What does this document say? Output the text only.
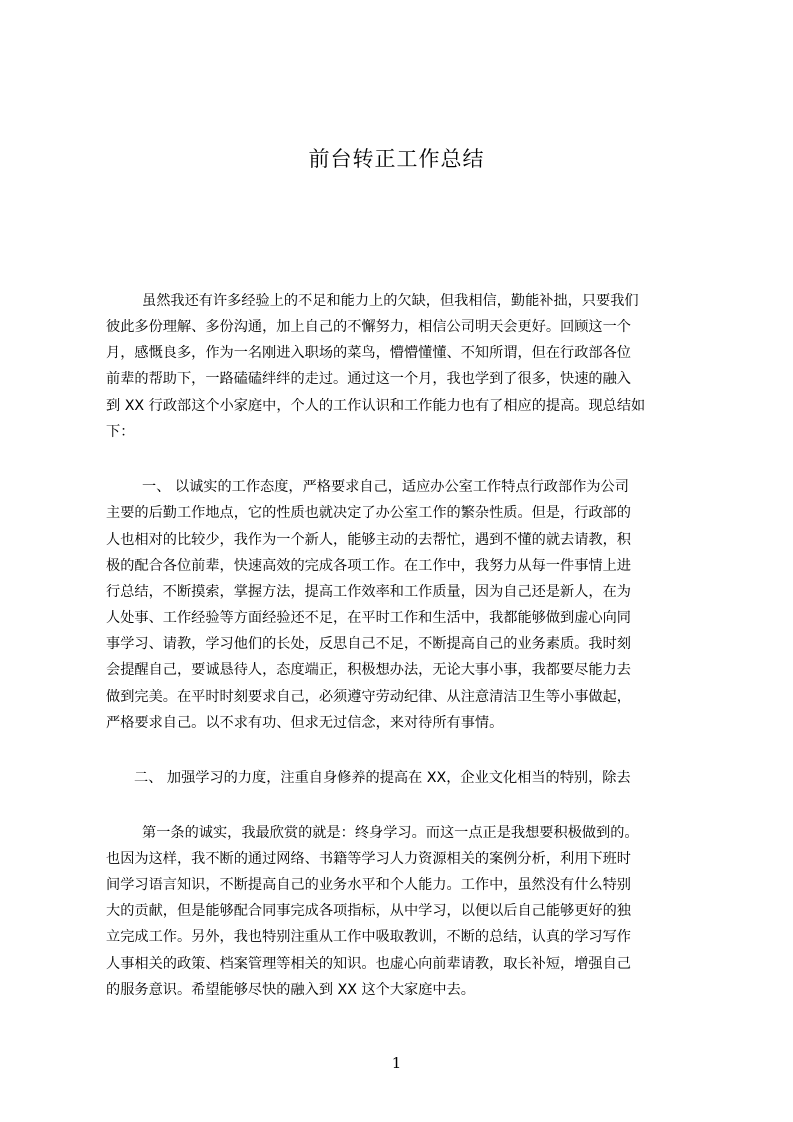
前台转正工作总结

虽然我还有许多经验上的不足和能力上的欠缺，但我相信，勤能补拙，只要我们

彼此多份理解、多份沟通，加上自己的不懈努力，相信公司明天会更好。回顾这一个

月，感慨良多，作为一名刚进入职场的菜鸟，懵懵懂懂、不知所谓，但在行政部各位

前辈的帮助下，一路磕磕绊绊的走过。通过这一个月，我也学到了很多，快速的融入

到 XX 行政部这个小家庭中，个人的工作认识和工作能力也有了相应的提高。现总结如

下：

一、 以诚实的工作态度，严格要求自己，适应办公室工作特点行政部作为公司

主要的后勤工作地点，它的性质也就决定了办公室工作的繁杂性质。但是，行政部的

人也相对的比较少，我作为一个新人，能够主动的去帮忙，遇到不懂的就去请教，积

极的配合各位前辈，快速高效的完成各项工作。在工作中，我努力从每一件事情上进

行总结，不断摸索，掌握方法，提高工作效率和工作质量，因为自己还是新人，在为

人处事、工作经验等方面经验还不足，在平时工作和生活中，我都能够做到虚心向同

事学习、请教，学习他们的长处，反思自己不足，不断提高自己的业务素质。我时刻

会提醒自己，要诚恳待人，态度端正，积极想办法，无论大事小事，我都要尽能力去

做到完美。在平时时刻要求自己，必须遵守劳动纪律、从注意清洁卫生等小事做起，

严格要求自己。以不求有功、但求无过信念，来对待所有事情。

二、 加强学习的力度，注重自身修养的提高在 XX，企业文化相当的特别，除去

第一条的诚实，我最欣赏的就是：终身学习。而这一点正是我想要积极做到的。

也因为这样，我不断的通过网络、书籍等学习人力资源相关的案例分析，利用下班时

间学习语言知识，不断提高自己的业务水平和个人能力。工作中，虽然没有什么特别

大的贡献，但是能够配合同事完成各项指标，从中学习，以便以后自己能够更好的独

立完成工作。另外，我也特别注重从工作中吸取教训，不断的总结，认真的学习写作

人事相关的政策、档案管理等相关的知识。也虚心向前辈请教，取长补短，增强自己

的服务意识。希望能够尽快的融入到 XX 这个大家庭中去。

1
